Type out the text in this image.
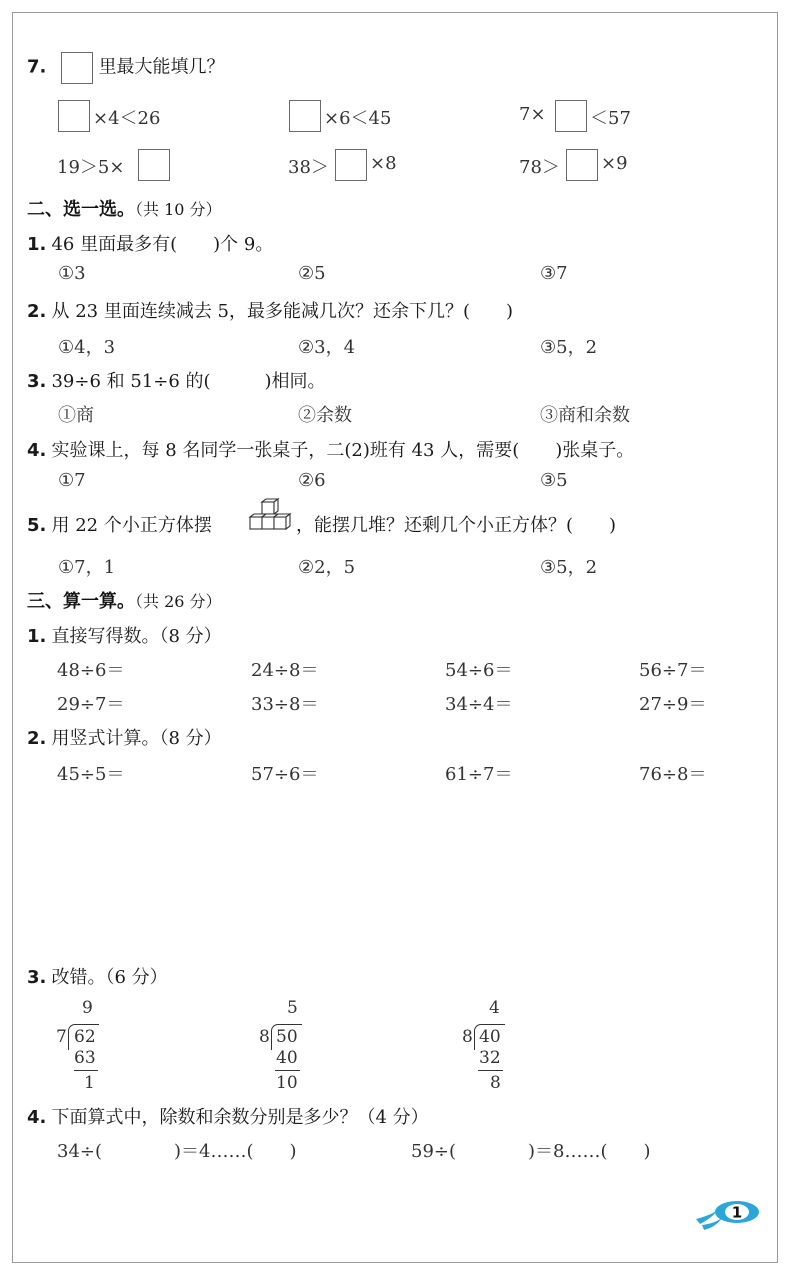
7.	里最大能填几？
×4＜26	×6＜45	7× ＜57
19＞5×	38＞ ×8	78＞ ×9
二、选一选。（共 10 分）
1. 46 里面最多有(　　)个 9。
①3	②5	③7
2. 从 23 里面连续减去 5，最多能减几次？还余下几？(　　)
①4，3	②3，4	③5，2
3. 39÷6 和 51÷6 的(　　　)相同。
①商	②余数	③商和余数
4. 实验课上，每 8 名同学一张桌子，二(2)班有 43 人，需要(　　)张桌子。
①7	②6	③5
5. 用 22 个小正方体摆	，能摆几堆？还剩几个小正方体？(　　)
①7，1	②2，5	③5，2
三、算一算。（共 26 分）
1. 直接写得数。（8 分）
48÷6＝	24÷8＝	54÷6＝	56÷7＝
29÷7＝	33÷8＝	34÷4＝	27÷9＝
2. 用竖式计算。（8 分）
45÷5＝	57÷6＝	61÷7＝	76÷8＝
3. 改错。（6 分）
9
7 62
63
1
5
8 50
40
10
4
8 40
32
8
4. 下面算式中，除数和余数分别是多少？（4 分）
34÷(　　　　)＝4……(　　)	59÷(　　　　)＝8……(　　)
1
